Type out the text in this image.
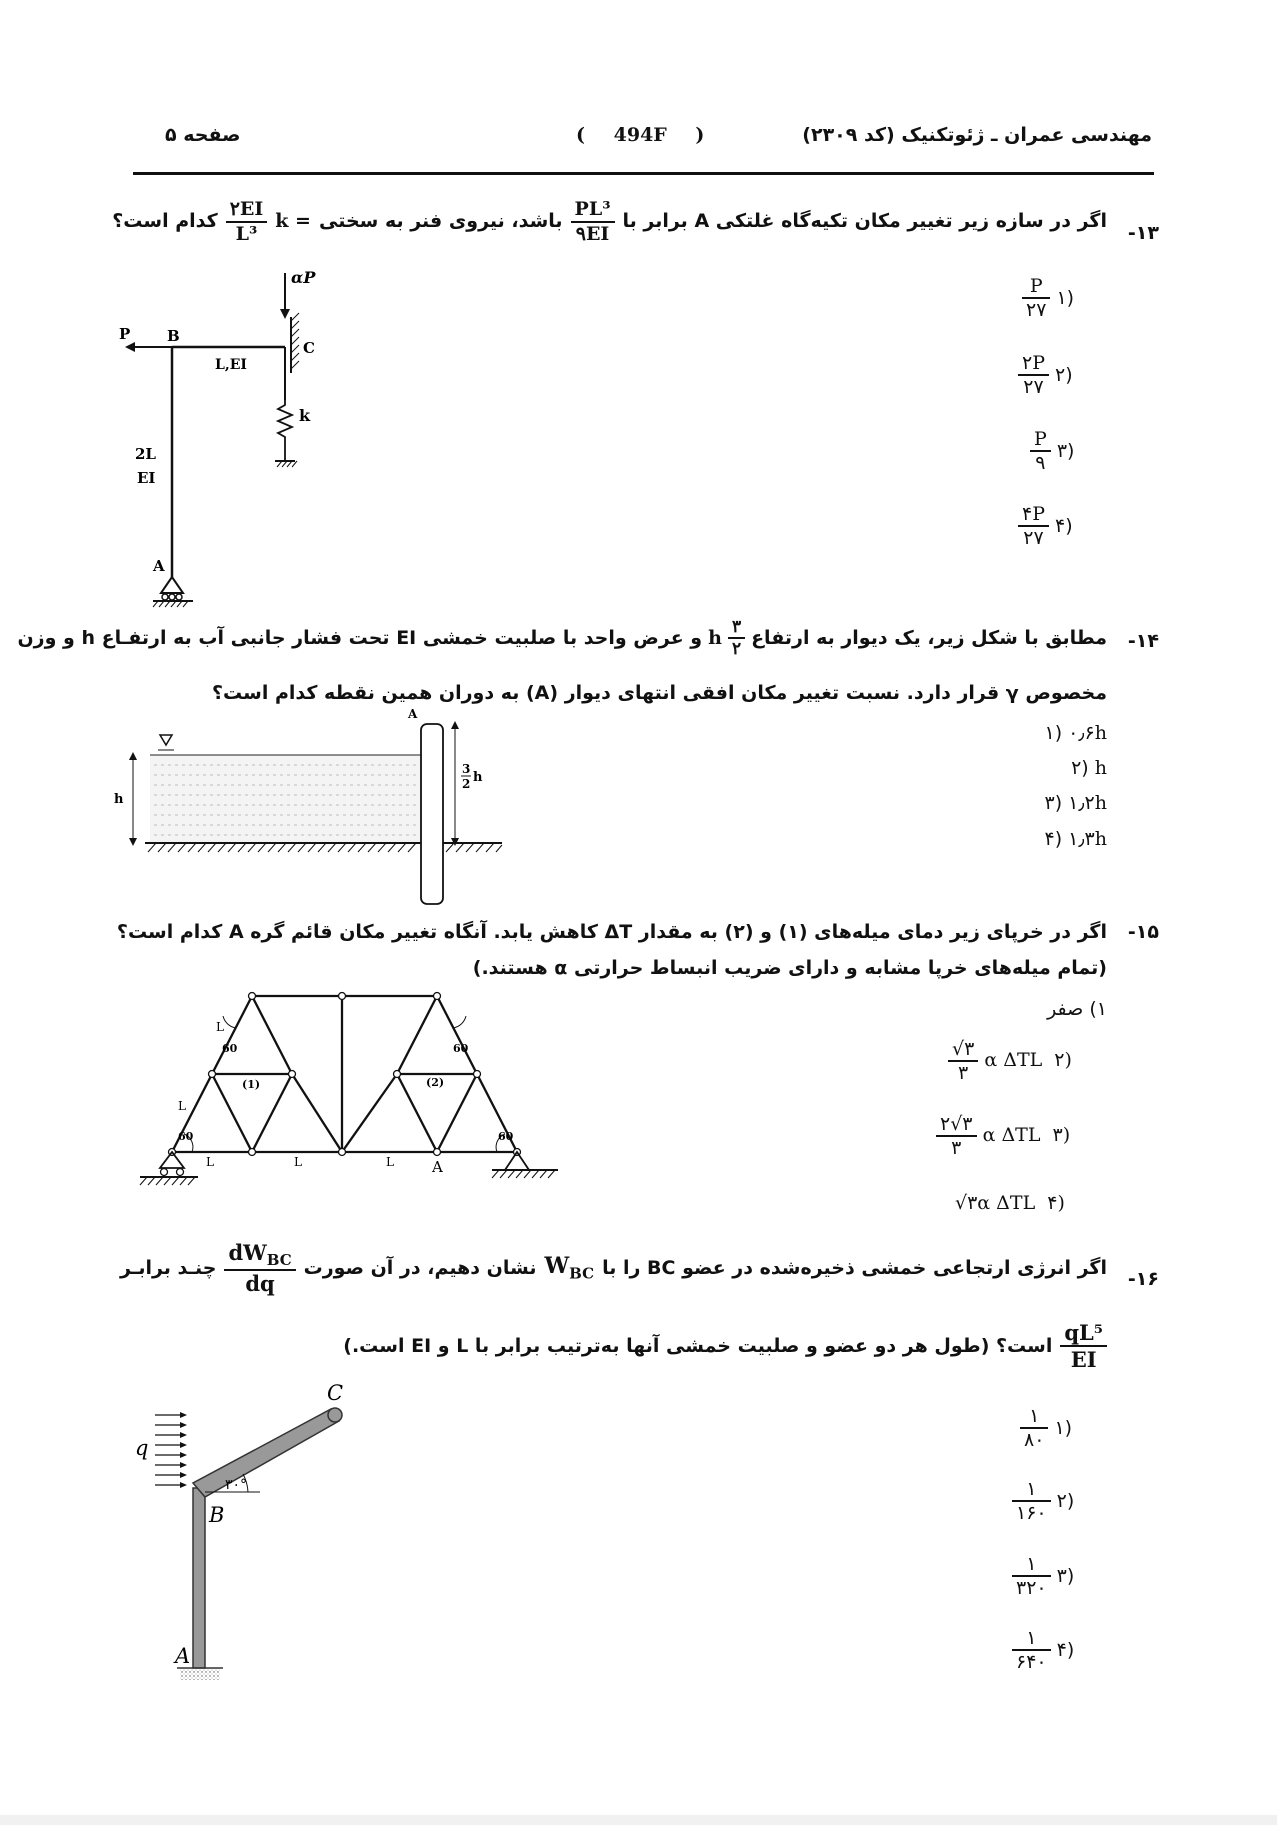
مهندسی عمران ـ ژئوتکنیک (کد ۲۳۰۹)
( 494F )
صفحه ۵
-۱۳
اگر در سازه زیر تغییر مکان تکیه‌گاه غلتکی A برابر با
$\frac{\text{PL³}}{۹EI}$
باشد، نیروی فنر به سختی
k =
$\frac{۲EI}{\text{L³}}$
کدام است؟
$\frac{P}{۲۷}$ ۱)
$\frac{۲P}{۲۷}$ ۲)
$\frac{P}{۹}$ ۳)
$\frac{۴P}{۲۷}$ ۴)
P B
L,EI
αP
C
k
2L
EI
A
-۱۴
مطابق با شکل زیر، یک دیوار به ارتفاع
$\frac{۳}{۲}$
h
و عرض واحد با صلبیت خمشی EI تحت فشار جانبی آب به ارتفـاع h و وزن
مخصوص γ قرار دارد. نسبت تغییر مکان افقی انتهای دیوار (A) به دوران همین نقطه کدام است؟
۱) ۰٫۶h
۲) h
۳) ۱٫۲h
۴) ۱٫۳h
A
h
3
2 h
-۱۵
اگر در خرپای زیر دمای میله‌های (۱) و (۲) به مقدار ΔT کاهش یابد. آنگاه تغییر مکان قائم گره A کدام است؟
(تمام میله‌های خرپا مشابه و دارای ضریب انبساط حرارتی α هستند.)
۱) صفر
$\frac{√۳}{۳}$ α ΔTL ۲)
$\frac{۲√۳}{۳}$ α ΔTL ۳)
√۳α ΔTL ۴)
L
60
(1)
60
(2)
L
60	60
L	L	L	A
-۱۶
اگر انرژی ارتجاعی خمشی ذخیره‌شده در عضو BC را با
$W_{BC}$
نشان دهیم، در آن صورت
$\frac{dW_{BC}}{dq}$
چنـد برابـر
$\frac{\text{qL⁵}}{EI}$
است؟ (طول هر دو عضو و صلبیت خمشی آنها به‌ترتیب برابر با L و EI است.)
$\frac{۱}{۸۰}$ ۱)
$\frac{۱}{۱۶۰}$ ۲)
$\frac{۱}{۳۲۰}$ ۳)
$\frac{۱}{۶۴۰}$ ۴)
C
q
۳۰°
B
A
